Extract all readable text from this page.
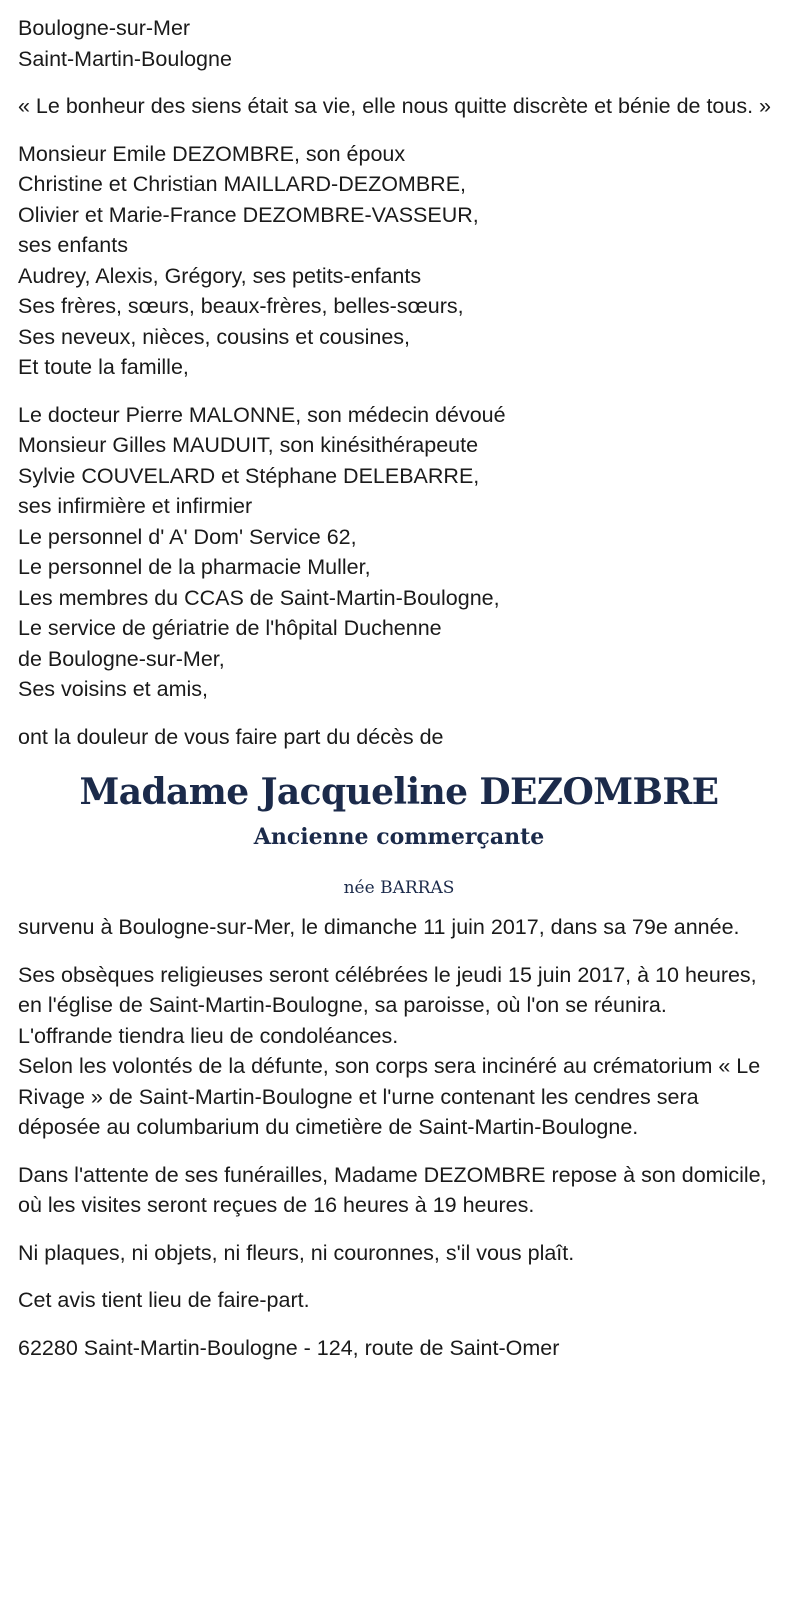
Boulogne-sur-Mer
Saint-Martin-Boulogne
« Le bonheur des siens était sa vie, elle nous quitte discrète et bénie de tous. »
Monsieur Emile DEZOMBRE, son époux
Christine et Christian MAILLARD-DEZOMBRE,
Olivier et Marie-France DEZOMBRE-VASSEUR,
ses enfants
Audrey, Alexis, Grégory, ses petits-enfants
Ses frères, sœurs, beaux-frères, belles-sœurs,
Ses neveux, nièces, cousins et cousines,
Et toute la famille,
Le docteur Pierre MALONNE, son médecin dévoué
Monsieur Gilles MAUDUIT, son kinésithérapeute
Sylvie COUVELARD et Stéphane DELEBARRE,
ses infirmière et infirmier
Le personnel d' A' Dom' Service 62,
Le personnel de la pharmacie Muller,
Les membres du CCAS de Saint-Martin-Boulogne,
Le service de gériatrie de l'hôpital Duchenne
de Boulogne-sur-Mer,
Ses voisins et amis,
ont la douleur de vous faire part du décès de
Madame Jacqueline DEZOMBRE
Ancienne commerçante
née BARRAS
survenu à Boulogne-sur-Mer, le dimanche 11 juin 2017, dans sa 79e année.
Ses obsèques religieuses seront célébrées le jeudi 15 juin 2017, à 10 heures, en l'église de Saint-Martin-Boulogne, sa paroisse, où l'on se réunira.
L'offrande tiendra lieu de condoléances.
Selon les volontés de la défunte, son corps sera incinéré au crématorium « Le Rivage » de Saint-Martin-Boulogne et l'urne contenant les cendres sera déposée au columbarium du cimetière de Saint-Martin-Boulogne.
Dans l'attente de ses funérailles, Madame DEZOMBRE repose à son domicile, où les visites seront reçues de 16 heures à 19 heures.
Ni plaques, ni objets, ni fleurs, ni couronnes, s'il vous plaît.
Cet avis tient lieu de faire-part.
62280 Saint-Martin-Boulogne - 124, route de Saint-Omer
